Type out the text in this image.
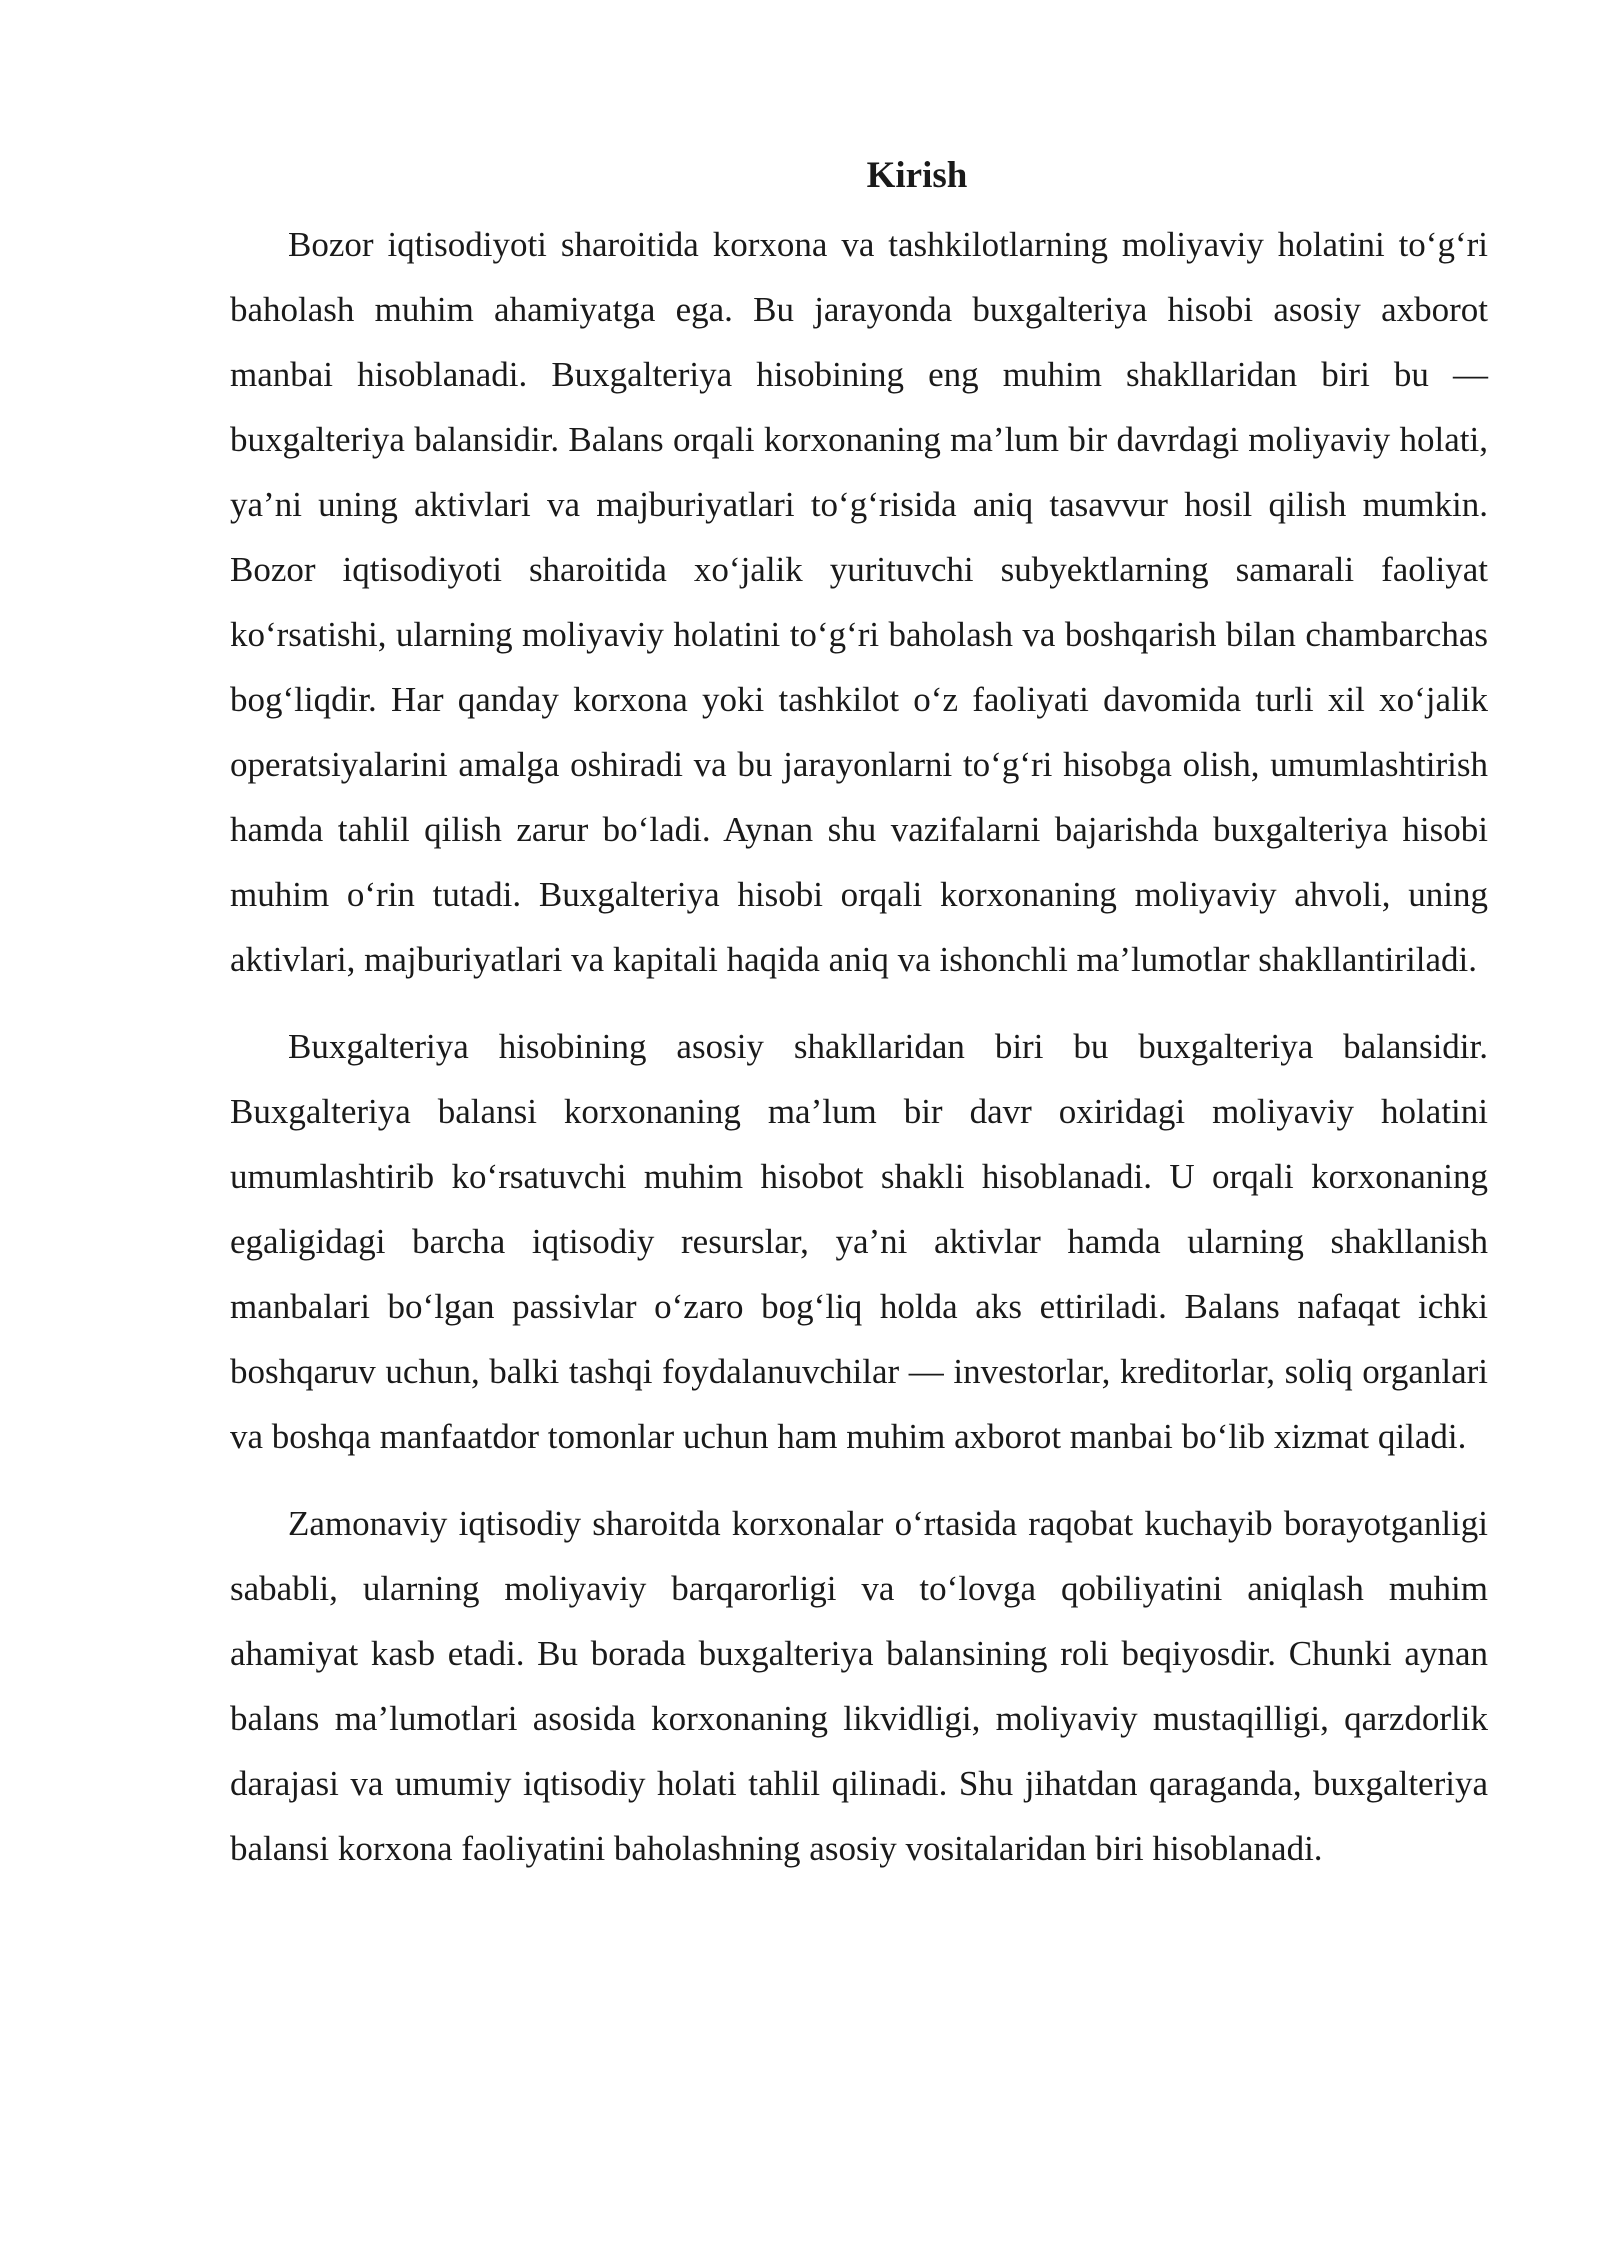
Kirish

Bozor iqtisodiyoti sharoitida korxona va tashkilotlarning moliyaviy holatini to‘g‘ri baholash muhim ahamiyatga ega. Bu jarayonda buxgalteriya hisobi asosiy axborot manbai hisoblanadi. Buxgalteriya hisobining eng muhim shakllaridan biri bu — buxgalteriya balansidir. Balans orqali korxonaning ma’lum bir davrdagi moliyaviy holati, ya’ni uning aktivlari va majburiyatlari to‘g‘risida aniq tasavvur hosil qilish mumkin. Bozor iqtisodiyoti sharoitida xo‘jalik yurituvchi subyektlarning samarali faoliyat ko‘rsatishi, ularning moliyaviy holatini to‘g‘ri baholash va boshqarish bilan chambarchas bog‘liqdir. Har qanday korxona yoki tashkilot o‘z faoliyati davomida turli xil xo‘jalik operatsiyalarini amalga oshiradi va bu jarayonlarni to‘g‘ri hisobga olish, umumlashtirish hamda tahlil qilish zarur bo‘ladi. Aynan shu vazifalarni bajarishda buxgalteriya hisobi muhim o‘rin tutadi. Buxgalteriya hisobi orqali korxonaning moliyaviy ahvoli, uning aktivlari, majburiyatlari va kapitali haqida aniq va ishonchli ma’lumotlar shakllantiriladi.

Buxgalteriya hisobining asosiy shakllaridan biri bu buxgalteriya balansidir. Buxgalteriya balansi korxonaning ma’lum bir davr oxiridagi moliyaviy holatini umumlashtirib ko‘rsatuvchi muhim hisobot shakli hisoblanadi. U orqali korxonaning egaligidagi barcha iqtisodiy resurslar, ya’ni aktivlar hamda ularning shakllanish manbalari bo‘lgan passivlar o‘zaro bog‘liq holda aks ettiriladi. Balans nafaqat ichki boshqaruv uchun, balki tashqi foydalanuvchilar — investorlar, kreditorlar, soliq organlari va boshqa manfaatdor tomonlar uchun ham muhim axborot manbai bo‘lib xizmat qiladi.

Zamonaviy iqtisodiy sharoitda korxonalar o‘rtasida raqobat kuchayib borayotganligi sababli, ularning moliyaviy barqarorligi va to‘lovga qobiliyatini aniqlash muhim ahamiyat kasb etadi. Bu borada buxgalteriya balansining roli beqiyosdir. Chunki aynan balans ma’lumotlari asosida korxonaning likvidligi, moliyaviy mustaqilligi, qarzdorlik darajasi va umumiy iqtisodiy holati tahlil qilinadi. Shu jihatdan qaraganda, buxgalteriya balansi korxona faoliyatini baholashning asosiy vositalaridan biri hisoblanadi.
